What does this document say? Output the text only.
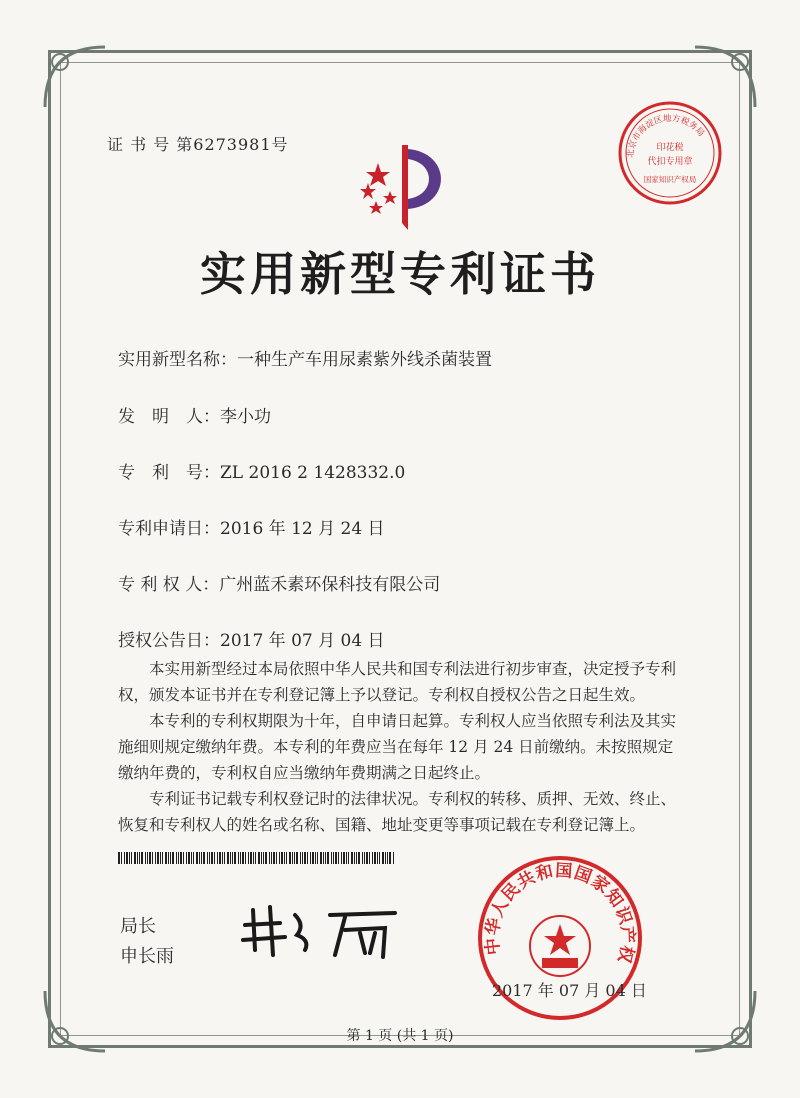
证 书 号 第6273981号	北京市海淀区地方税务局
印花税
代扣专用章
国家知识产权局
实用新型专利证书
实用新型名称：一种生产车用尿素紫外线杀菌装置
发　明　人：李小功
专　利　号：ZL 2016 2 1428332.0
专利申请日：2016 年 12 月 24 日
专 利 权 人：广州蓝禾素环保科技有限公司
授权公告日：2017 年 07 月 04 日

本实用新型经过本局依照中华人民共和国专利法进行初步审查，决定授予专利权，颁发本证书并在专利登记簿上予以登记。专利权自授权公告之日起生效。

本专利的专利权期限为十年，自申请日起算。专利权人应当依照专利法及其实施细则规定缴纳年费。本专利的年费应当在每年 12 月 24 日前缴纳。未按照规定缴纳年费的，专利权自应当缴纳年费期满之日起终止。

专利证书记载专利权登记时的法律状况。专利权的转移、质押、无效、终止、恢复和专利权人的姓名或名称、国籍、地址变更等事项记载在专利登记簿上。

局长
申长雨
中华人民共和国国家知识产权
2017 年 07 月 04 日
第 1 页 (共 1 页)
